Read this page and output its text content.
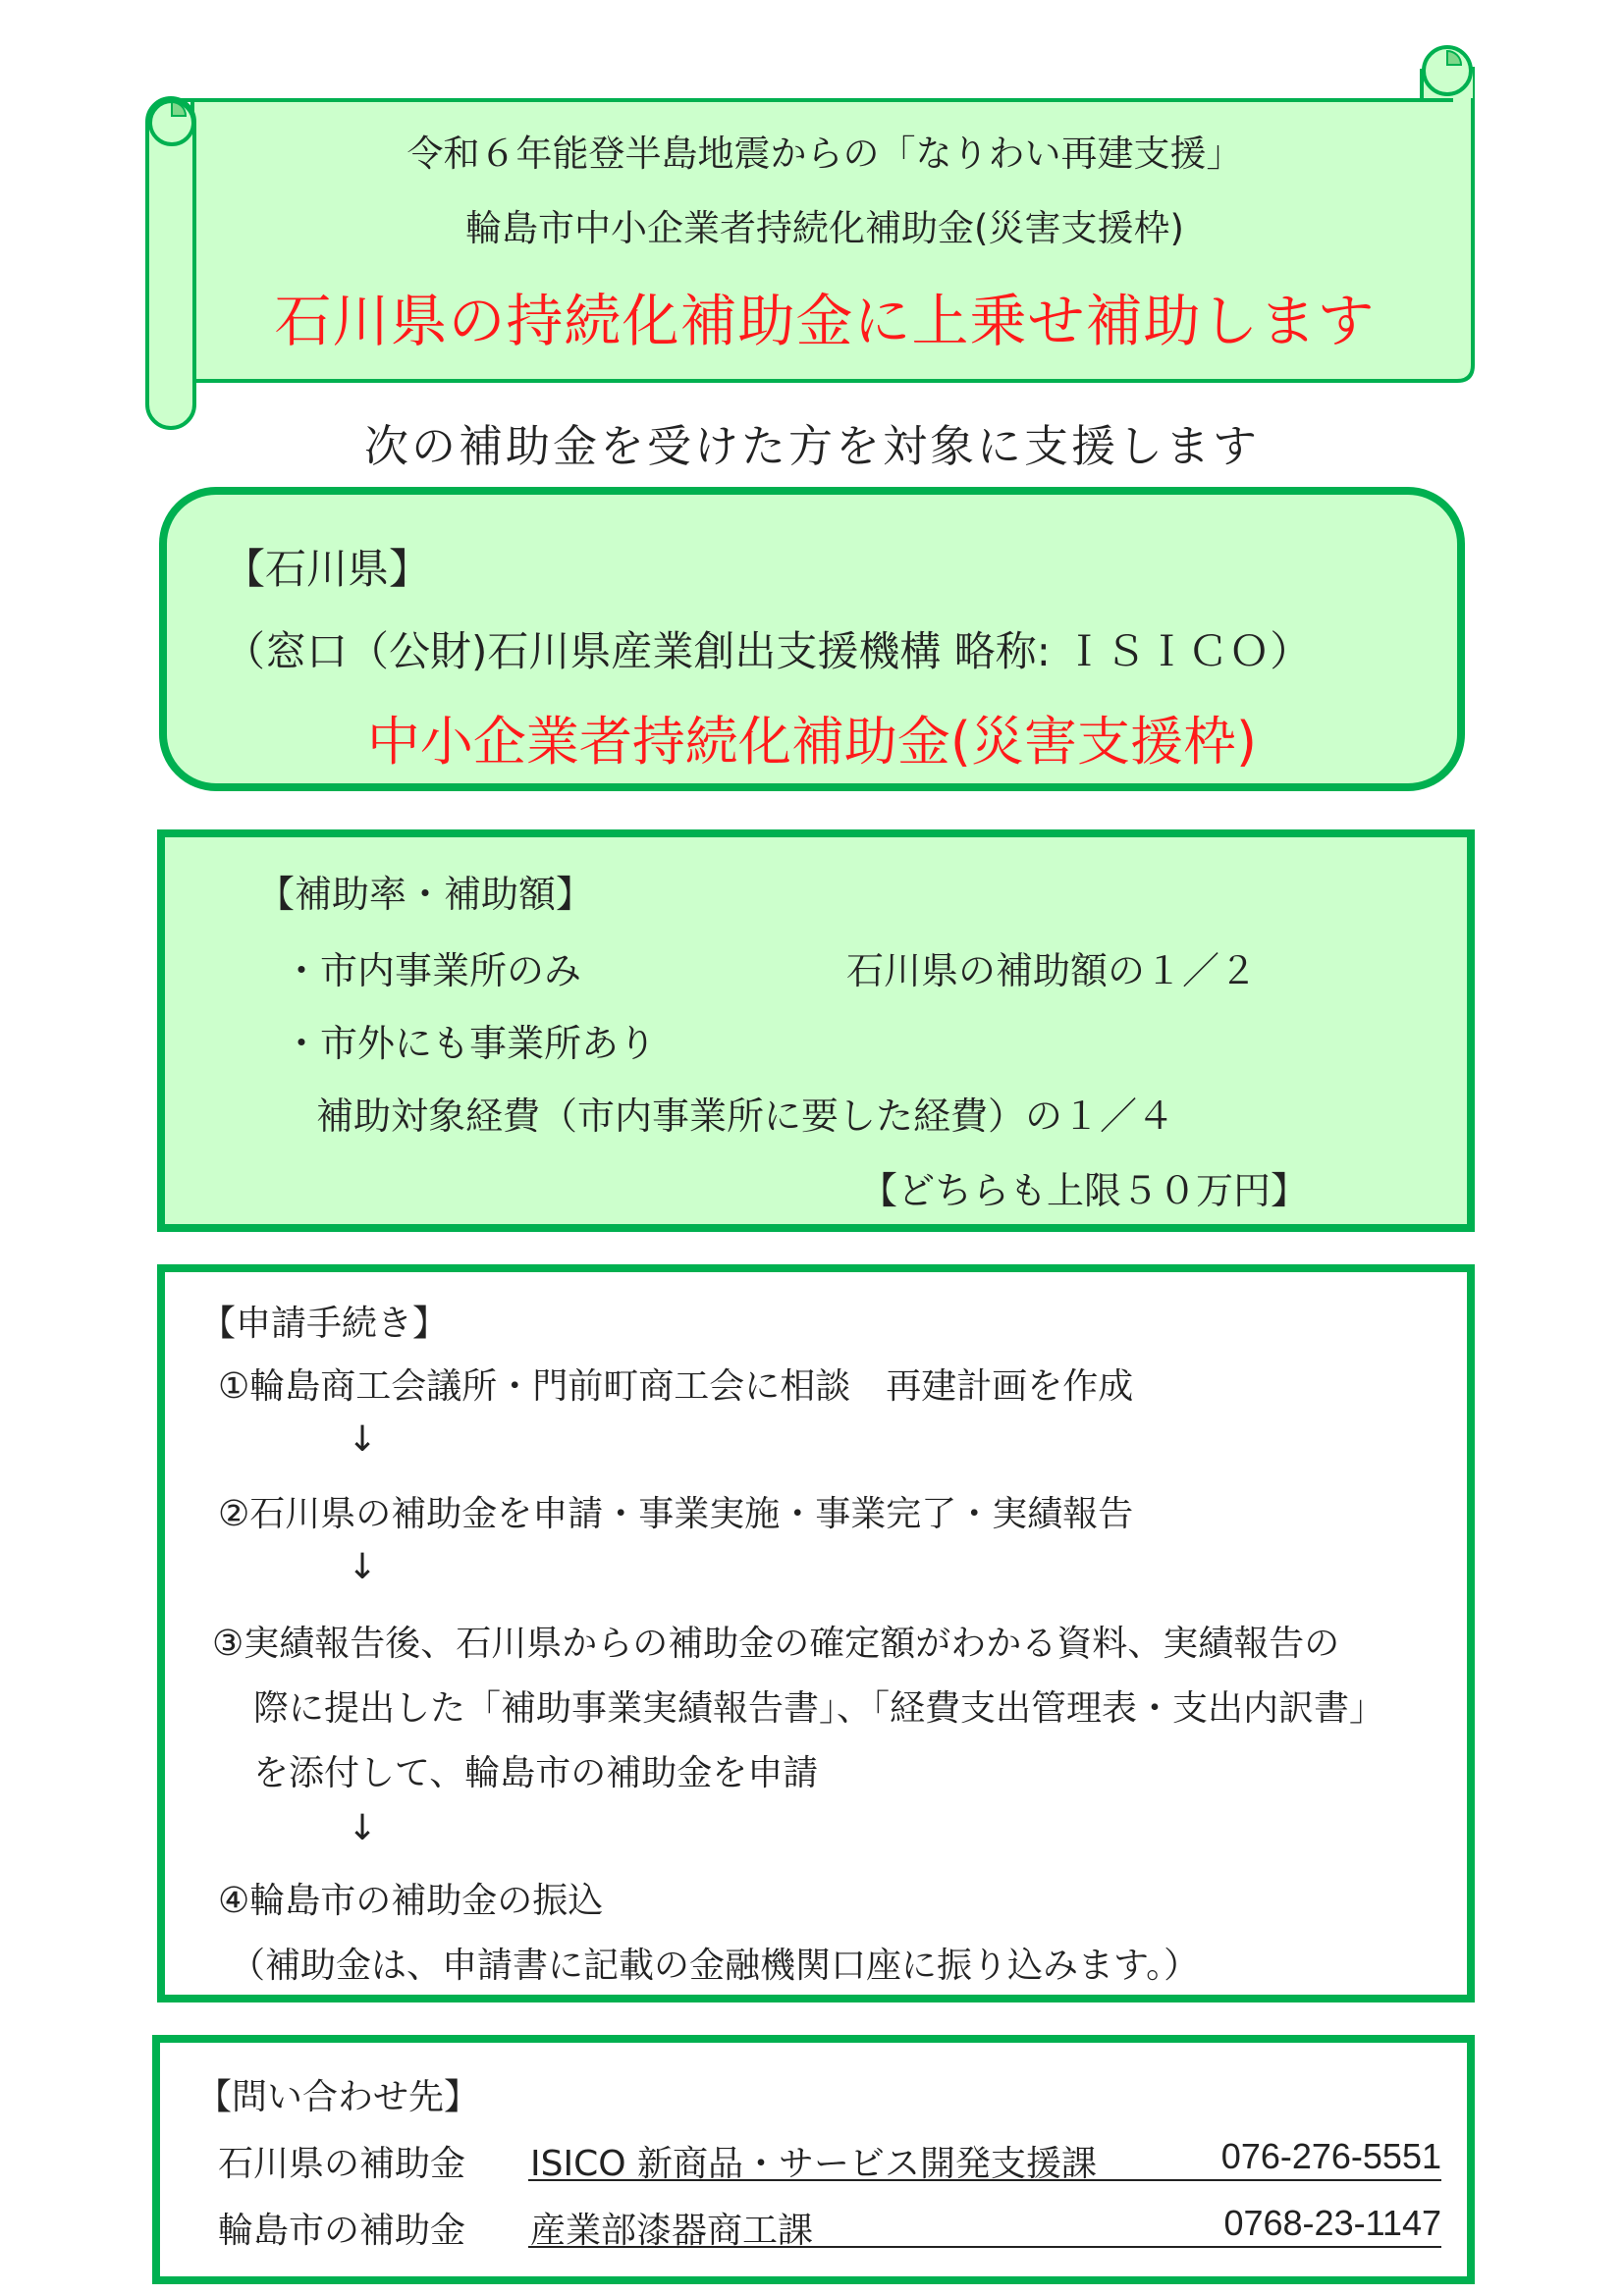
令和６年能登半島地震からの「なりわい再建支援」
輪島市中小企業者持続化補助金(災害支援枠)
石川県の持続化補助金に上乗せ補助します
次の補助金を受けた方を対象に支援します
【石川県】
（窓口（公財)石川県産業創出支援機構 略称: ＩＳＩＣＯ）
中小企業者持続化補助金(災害支援枠)
【補助率・補助額】
・市内事業所のみ	石川県の補助額の１／２
・市外にも事業所あり
補助対象経費（市内事業所に要した経費）の１／４
【どちらも上限５０万円】
【申請手続き】
①輪島商工会議所・門前町商工会に相談　再建計画を作成
↓
②石川県の補助金を申請・事業実施・事業完了・実績報告
↓
③実績報告後、石川県からの補助金の確定額がわかる資料、実績報告の
際に提出した「補助事業実績報告書」、「経費支出管理表・支出内訳書」
を添付して、輪島市の補助金を申請
↓
④輪島市の補助金の振込
（補助金は、申請書に記載の金融機関口座に振り込みます。）
【問い合わせ先】
石川県の補助金 ISICO 新商品・サービス開発支援課	076-276-5551
輪島市の補助金 産業部漆器商工課	0768-23-1147
